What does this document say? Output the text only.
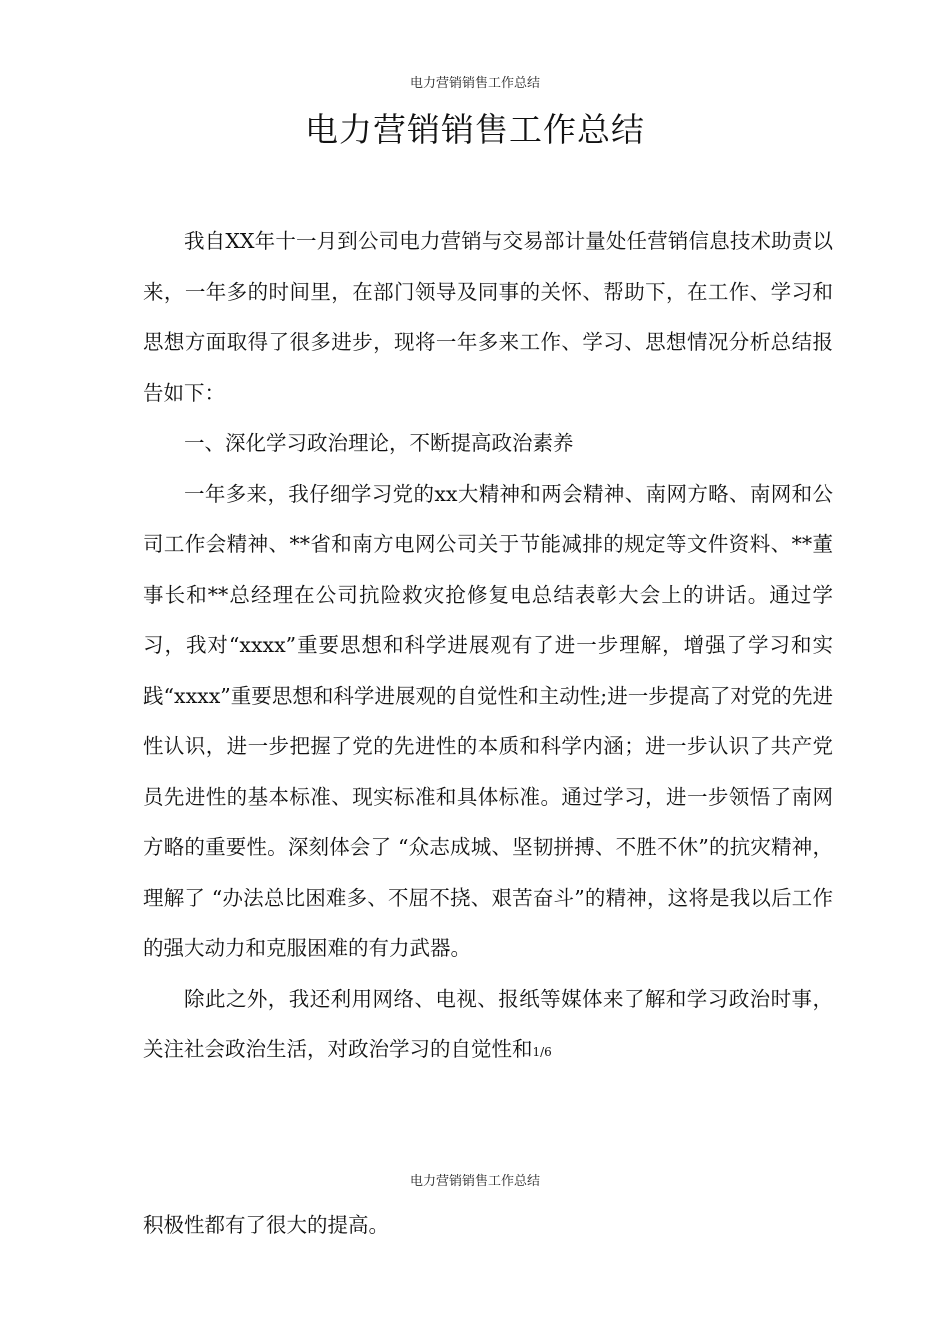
电力营销销售工作总结
电力营销销售工作总结

我自XX年十一月到公司电力营销与交易部计量处任营销信息技术助责以来，一年多的时间里，在部门领导及同事的关怀、帮助下，在工作、学习和思想方面取得了很多进步，现将一年多来工作、学习、思想情况分析总结报告如下：

一、深化学习政治理论，不断提高政治素养

一年多来，我仔细学习党的xx大精神和两会精神、南网方略、南网和公司工作会精神、**省和南方电网公司关于节能减排的规定等文件资料、**董事长和**总经理在公司抗险救灾抢修复电总结表彰大会上的讲话。通过学习，我对“xxxx”重要思想和科学进展观有了进一步理解，增强了学习和实践“xxxx”重要思想和科学进展观的自觉性和主动性;进一步提高了对党的先进性认识，进一步把握了党的先进性的本质和科学内涵；进一步认识了共产党员先进性的基本标准、现实标准和具体标准。通过学习，进一步领悟了南网方略的重要性。深刻体会了 “众志成城、坚韧拼搏、不胜不休”的抗灾精神，理解了 “办法总比困难多、不屈不挠、艰苦奋斗”的精神，这将是我以后工作的强大动力和克服困难的有力武器。

除此之外，我还利用网络、电视、报纸等媒体来了解和学习政治时事，关注社会政治生活，对政治学习的自觉性和1/6

电力营销销售工作总结

积极性都有了很大的提高。
